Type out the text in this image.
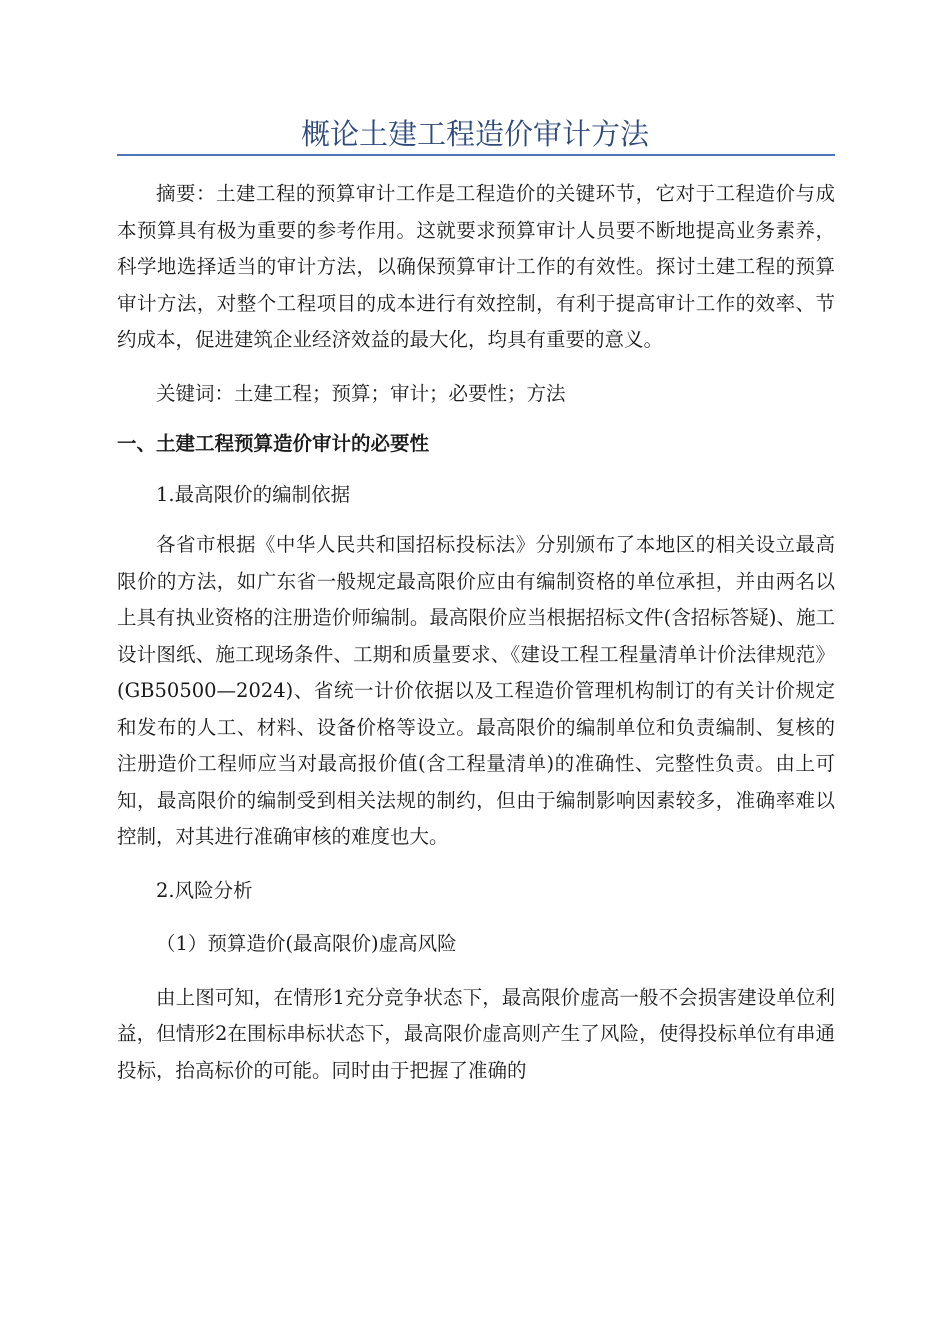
概论土建工程造价审计方法

摘要：土建工程的预算审计工作是工程造价的关键环节，它对于工程造价与成本预算具有极为重要的参考作用。这就要求预算审计人员要不断地提高业务素养，科学地选择适当的审计方法，以确保预算审计工作的有效性。探讨土建工程的预算审计方法，对整个工程项目的成本进行有效控制，有利于提高审计工作的效率、节约成本，促进建筑企业经济效益的最大化，均具有重要的意义。

关键词：土建工程；预算；审计；必要性；方法

一、土建工程预算造价审计的必要性

1.最高限价的编制依据

各省市根据《中华人民共和国招标投标法》分别颁布了本地区的相关设立最高限价的方法，如广东省一般规定最高限价应由有编制资格的单位承担，并由两名以上具有执业资格的注册造价师编制。最高限价应当根据招标文件(含招标答疑)、施工设计图纸、施工现场条件、工期和质量要求、《建设工程工程量清单计价法律规范》(GB50500—2024)、省统一计价依据以及工程造价管理机构制订的有关计价规定和发布的人工、材料、设备价格等设立。最高限价的编制单位和负责编制、复核的注册造价工程师应当对最高报价值(含工程量清单)的准确性、完整性负责。由上可知，最高限价的编制受到相关法规的制约，但由于编制影响因素较多，准确率难以控制，对其进行准确审核的难度也大。

2.风险分析

（1）预算造价(最高限价)虚高风险

由上图可知，在情形1充分竞争状态下，最高限价虚高一般不会损害建设单位利益，但情形2在围标串标状态下，最高限价虚高则产生了风险，使得投标单位有串通投标，抬高标价的可能。同时由于把握了准确的
